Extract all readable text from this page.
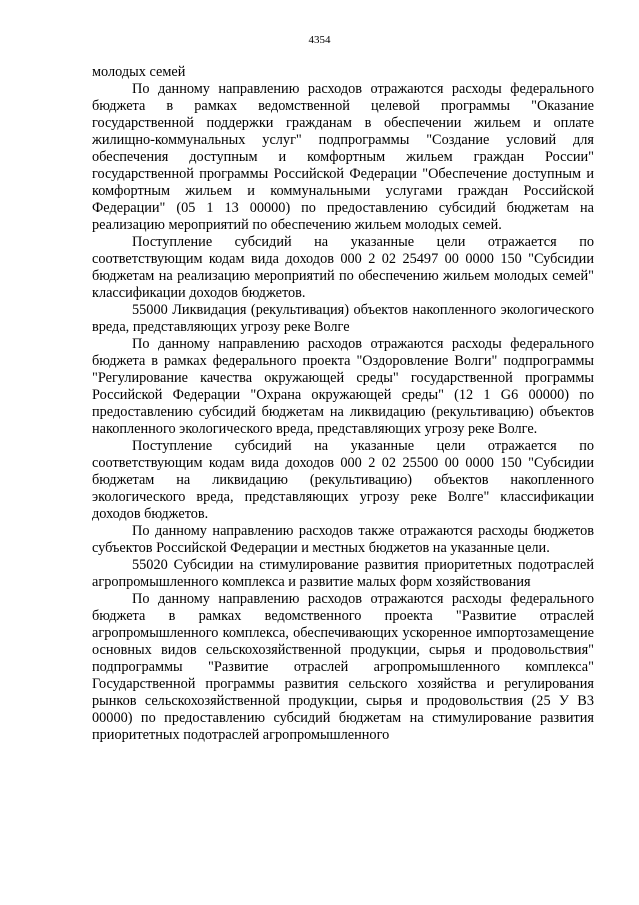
4354

молодых семей

По данному направлению расходов отражаются расходы федерального бюджета в рамках ведомственной целевой программы "Оказание государственной поддержки гражданам в обеспечении жильем и оплате жилищно-коммунальных услуг" подпрограммы "Создание условий для обеспечения доступным и комфортным жильем граждан России" государственной программы Российской Федерации "Обеспечение доступным и комфортным жильем и коммунальными услугами граждан Российской Федерации" (05 1 13 00000) по предоставлению субсидий бюджетам на реализацию мероприятий по обеспечению жильем молодых семей.

Поступление субсидий на указанные цели отражается по соответствующим кодам вида доходов 000 2 02 25497 00 0000 150 "Субсидии бюджетам на реализацию мероприятий по обеспечению жильем молодых семей" классификации доходов бюджетов.

55000 Ликвидация (рекультивация) объектов накопленного экологического вреда, представляющих угрозу реке Волге

По данному направлению расходов отражаются расходы федерального бюджета в рамках федерального проекта "Оздоровление Волги" подпрограммы "Регулирование качества окружающей среды" государственной программы Российской Федерации "Охрана окружающей среды" (12 1 G6 00000) по предоставлению субсидий бюджетам на ликвидацию (рекультивацию) объектов накопленного экологического вреда, представляющих угрозу реке Волге.

Поступление субсидий на указанные цели отражается по соответствующим кодам вида доходов 000 2 02 25500 00 0000 150 "Субсидии бюджетам на ликвидацию (рекультивацию) объектов накопленного экологического вреда, представляющих угрозу реке Волге" классификации доходов бюджетов.

По данному направлению расходов также отражаются расходы бюджетов субъектов Российской Федерации и местных бюджетов на указанные цели.

55020 Субсидии на стимулирование развития приоритетных подотраслей агропромышленного комплекса и развитие малых форм хозяйствования

По данному направлению расходов отражаются расходы федерального бюджета в рамках ведомственного проекта "Развитие отраслей агропромышленного комплекса, обеспечивающих ускоренное импортозамещение основных видов сельскохозяйственной продукции, сырья и продовольствия" подпрограммы "Развитие отраслей агропромышленного комплекса" Государственной программы развития сельского хозяйства и регулирования рынков сельскохозяйственной продукции, сырья и продовольствия (25 У В3 00000) по предоставлению субсидий бюджетам на стимулирование развития приоритетных подотраслей агропромышленного
